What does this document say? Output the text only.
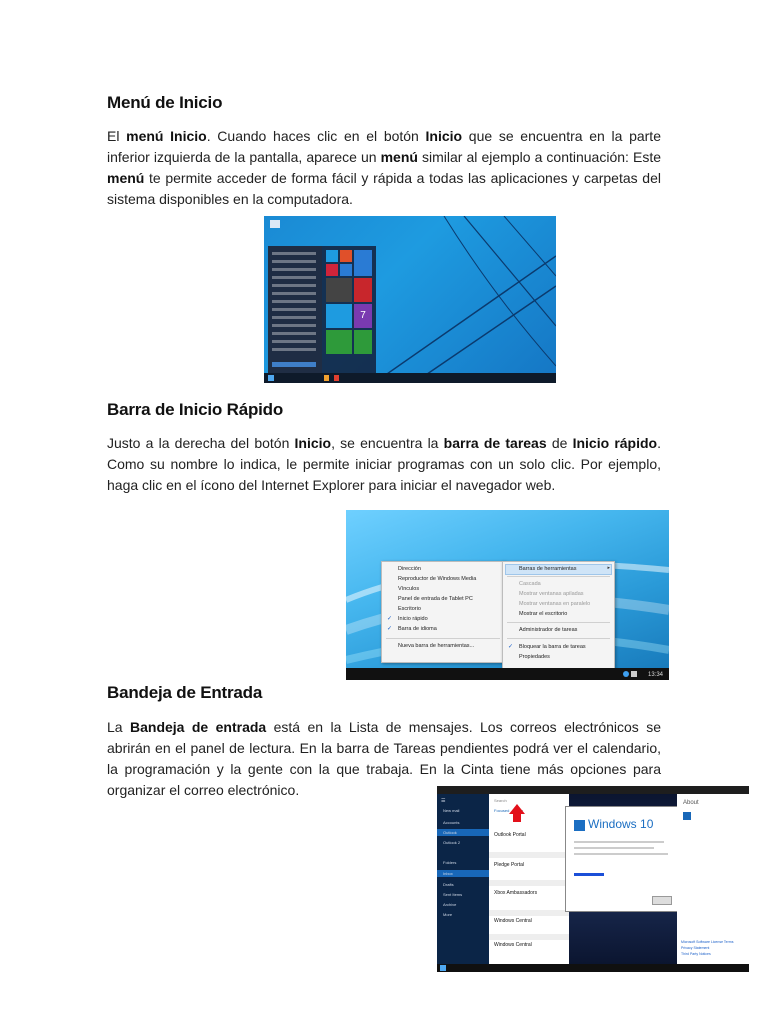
Menú de Inicio

El menú Inicio. Cuando haces clic en el botón Inicio que se encuentra en la parte inferior izquierda de la pantalla, aparece un menú similar al ejemplo a continuación: Este menú te permite acceder de forma fácil y rápida a todas las aplicaciones y carpetas del sistema disponibles en la computadora.

7
Barra de Inicio Rápido

Justo a la derecha del botón Inicio, se encuentra la barra de tareas de Inicio rápido. Como su nombre lo indica, le permite iniciar programas con un solo clic. Por ejemplo, haga clic en el ícono del Internet Explorer para iniciar el navegador web.

Dirección
Reproductor de Windows Media
Vínculos
Panel de entrada de Tablet PC
Escritorio
✓ Inicio rápido
✓ Barra de idioma
Nueva barra de herramientas...
Barras de herramientas	▸
Cascada
Mostrar ventanas apiladas
Mostrar ventanas en paralelo
Mostrar el escritorio
Administrador de tareas
✓ Bloquear la barra de tareas
Propiedades
13:34
Bandeja de Entrada

La Bandeja de entrada está en la Lista de mensajes. Los correos electrónicos se abrirán en el panel de lectura. En la barra de Tareas pendientes podrá ver el calendario, la programación y la gente con la que trabaja. En la Cinta tiene más opciones para organizar el correo electrónico.

☰
New mail
Accounts
Outlook
Outlook 2
Folders
Inbox
Drafts
Sent Items
Archive
More
Search
Focused Other
Outlook Portal
Pledge Portal
Xbox Ambassadors
Windows Central
Windows Central
Windows 10
About
Microsoft Software License Terms
Privacy Statement
Third Party Notices
